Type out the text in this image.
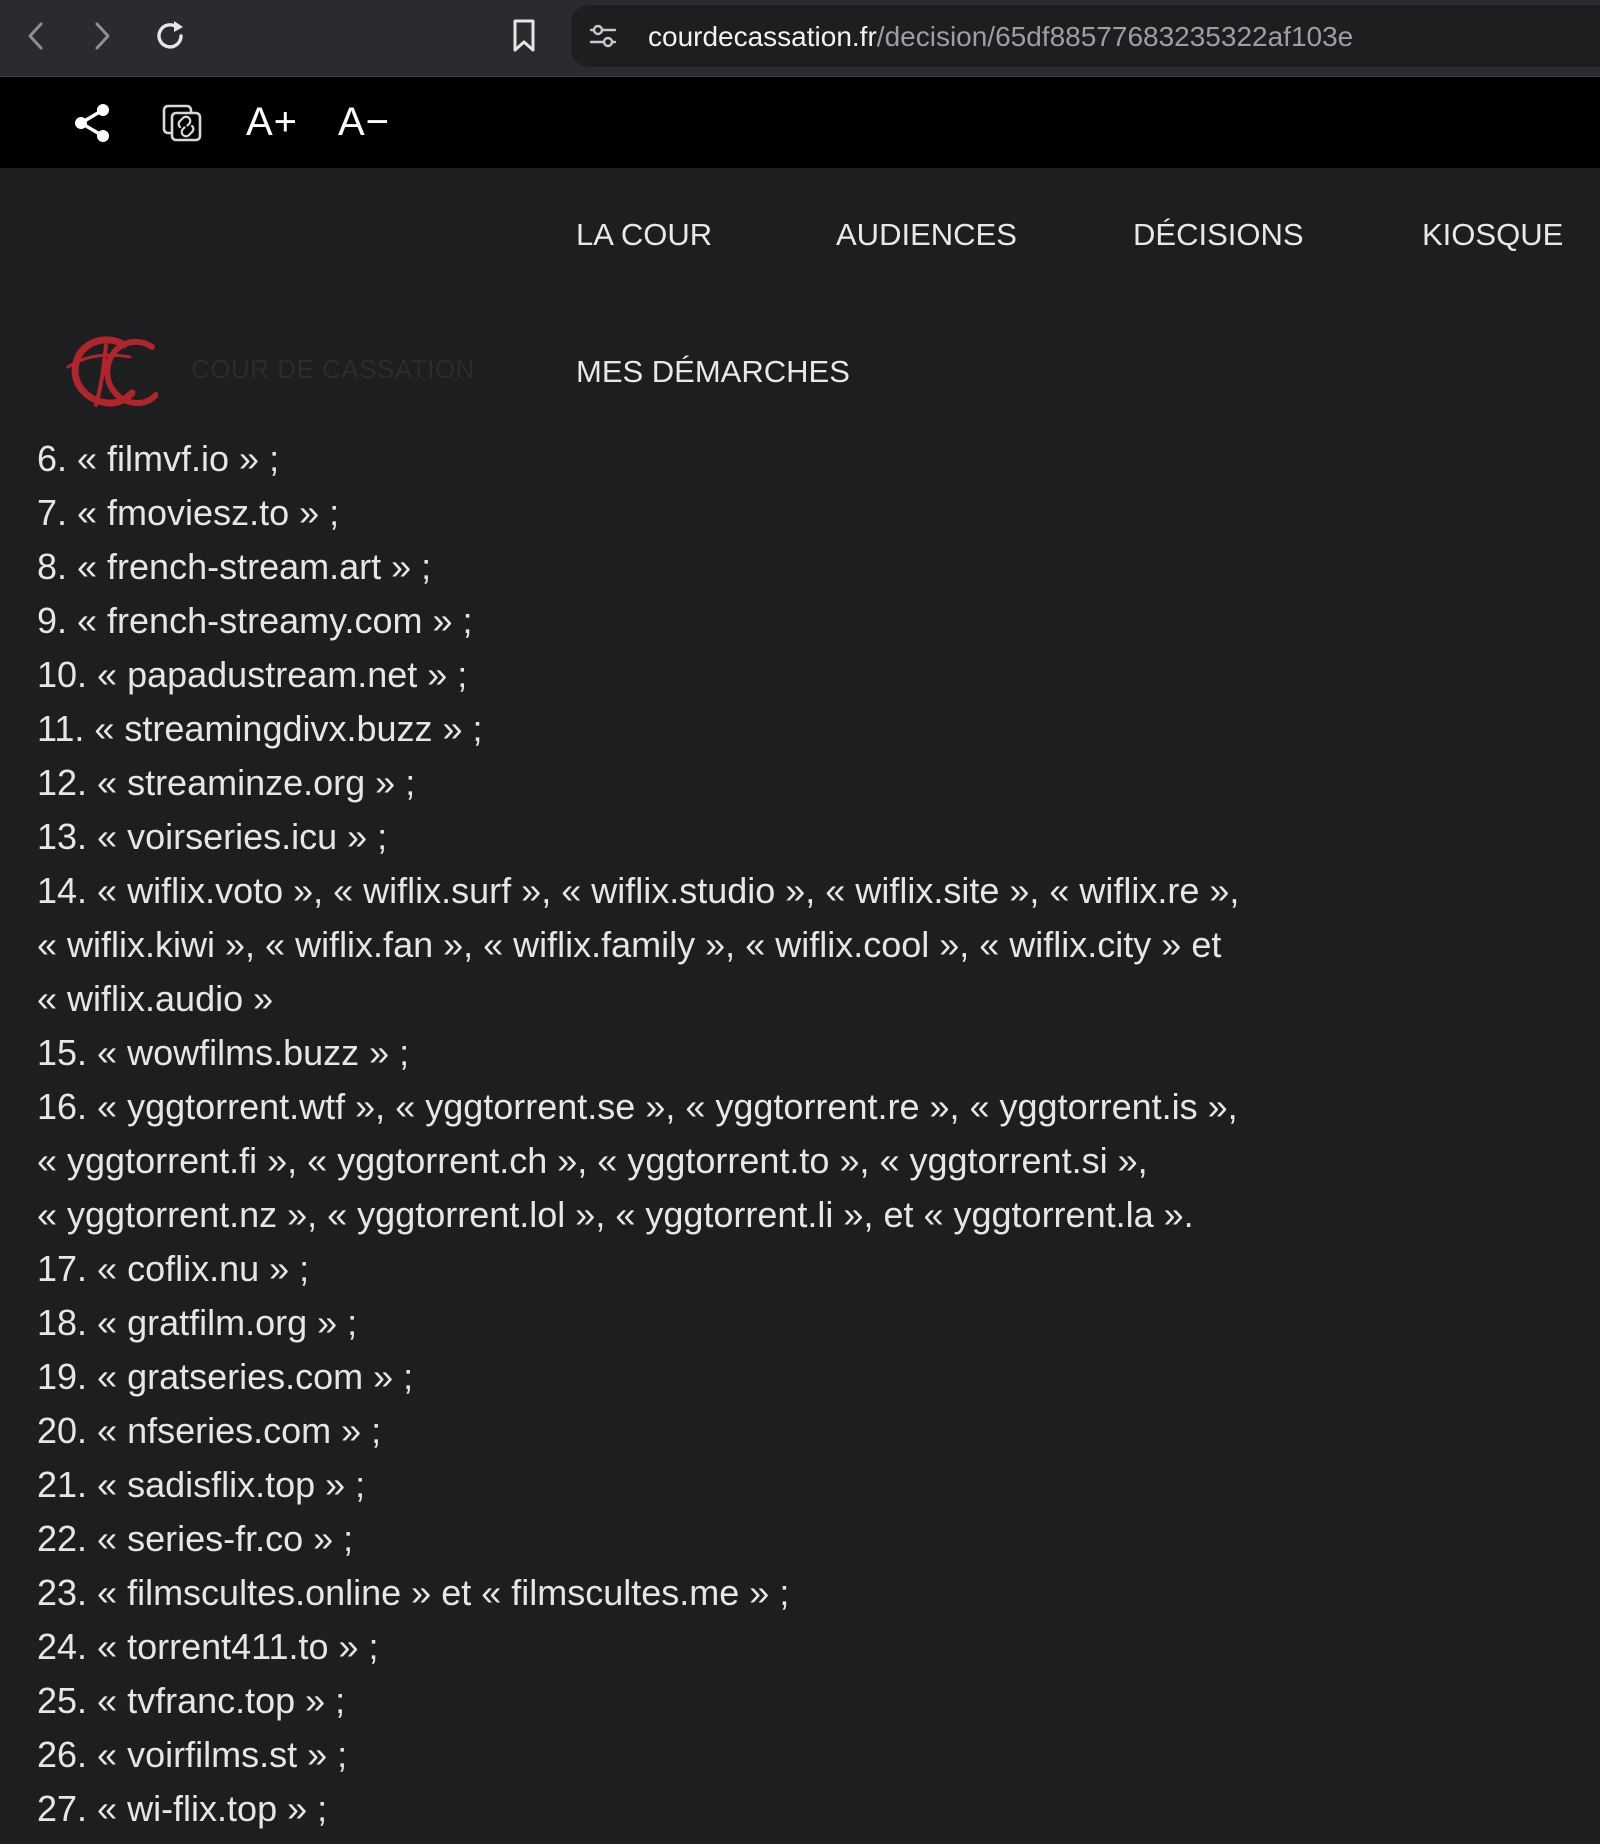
courdecassation.fr/decision/65df88577683235322af103e
A+ A−
LA COUR	AUDIENCES	DÉCISIONS	KIOSQUE
MES DÉMARCHES
COUR DE CASSATION
6. « filmvf.io » ;
7. « fmoviesz.to » ;
8. « french-stream.art » ;
9. « french-streamy.com » ;
10. « papadustream.net » ;
11. « streamingdivx.buzz » ;
12. « streaminze.org » ;
13. « voirseries.icu » ;
14. « wiflix.voto », « wiflix.surf », « wiflix.studio », « wiflix.site », « wiflix.re »,
« wiflix.kiwi », « wiflix.fan », « wiflix.family », « wiflix.cool », « wiflix.city » et
« wiflix.audio »
15. « wowfilms.buzz » ;
16. « yggtorrent.wtf », « yggtorrent.se », « yggtorrent.re », « yggtorrent.is »,
« yggtorrent.fi », « yggtorrent.ch », « yggtorrent.to », « yggtorrent.si »,
« yggtorrent.nz », « yggtorrent.lol », « yggtorrent.li », et « yggtorrent.la ».
17. « coflix.nu » ;
18. « gratfilm.org » ;
19. « gratseries.com » ;
20. « nfseries.com » ;
21. « sadisflix.top » ;
22. « series-fr.co » ;
23. « filmscultes.online » et « filmscultes.me » ;
24. « torrent411.to » ;
25. « tvfranc.top » ;
26. « voirfilms.st » ;
27. « wi-flix.top » ;
